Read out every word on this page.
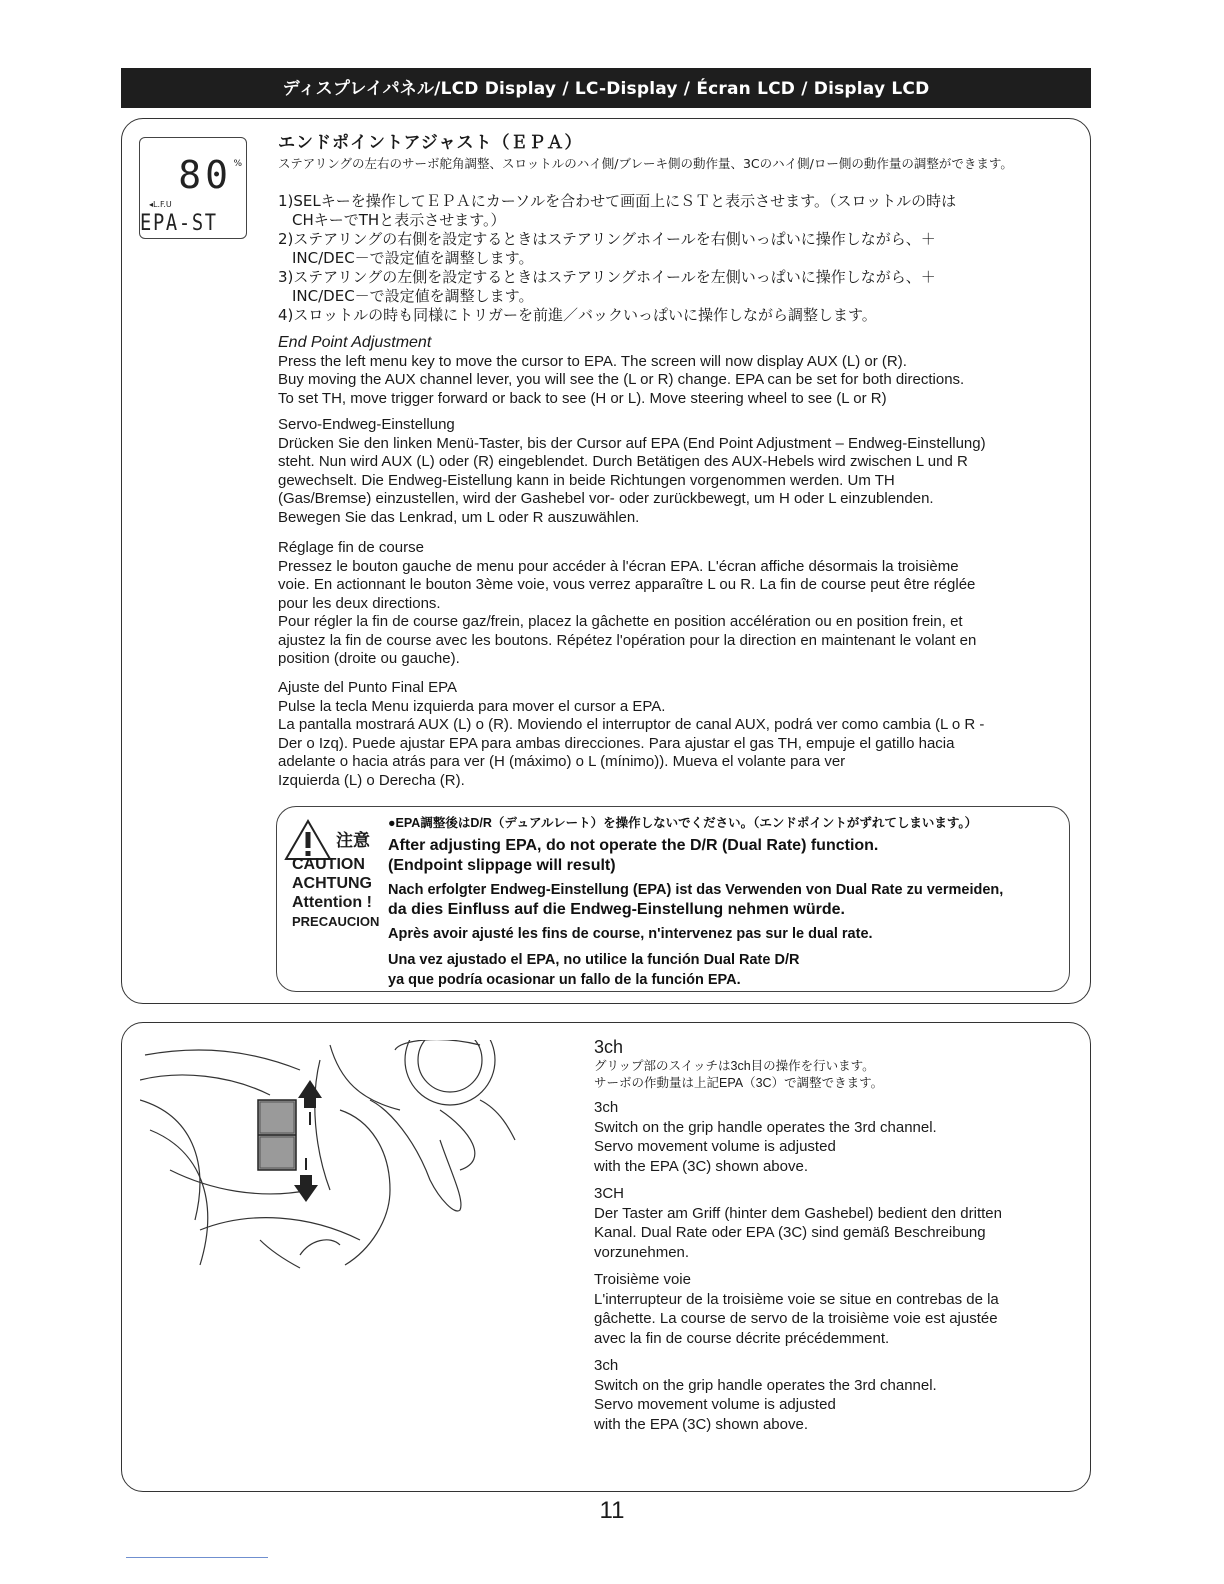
ディスプレイパネル/LCD Display / LC-Display / Écran LCD / Display LCD
80 %
◂L.F.U
EPA-ST
エンドポイントアジャスト（ＥＰＡ）
ステアリングの左右のサーボ舵角調整、スロットルのハイ側/ブレーキ側の動作量、3Cのハイ側/ロー側の動作量の調整ができます。

1)SELキーを操作してＥＰＡにカーソルを合わせて画面上にＳＴと表示させます。（スロットルの時は

CHキーでTHと表示させます。）

2)ステアリングの右側を設定するときはステアリングホイールを右側いっぱいに操作しながら、＋

INC/DEC－で設定値を調整します。

3)ステアリングの左側を設定するときはステアリングホイールを左側いっぱいに操作しながら、＋

INC/DEC－で設定値を調整します。

4)スロットルの時も同様にトリガーを前進／バックいっぱいに操作しながら調整します。

End Point Adjustment

Press the left menu key to move the cursor to EPA. The screen will now display AUX (L) or (R).

Buy moving the AUX channel lever, you will see the (L or R) change. EPA can be set for both directions.

To set TH, move trigger forward or back to see (H or L). Move steering wheel to see (L or R)

Servo-Endweg-Einstellung

Drücken Sie den linken Menü-Taster, bis der Cursor auf EPA (End Point Adjustment – Endweg-Einstellung)

steht. Nun wird AUX (L) oder (R) eingeblendet. Durch Betätigen des AUX-Hebels wird zwischen L und R

gewechselt. Die Endweg-Eistellung kann in beide Richtungen vorgenommen werden. Um TH

(Gas/Bremse) einzustellen, wird der Gashebel vor- oder zurückbewegt, um H oder L einzublenden.

Bewegen Sie das Lenkrad, um L oder R auszuwählen.

Réglage fin de course

Pressez le bouton gauche de menu pour accéder à l'écran EPA. L'écran affiche désormais la troisième

voie. En actionnant le bouton 3ème voie, vous verrez apparaître L ou R. La fin de course peut être réglée

pour les deux directions.

Pour régler la fin de course gaz/frein, placez la gâchette en position accélération ou en position frein, et

ajustez la fin de course avec les boutons. Répétez l'opération pour la direction en maintenant le volant en

position (droite ou gauche).

Ajuste del Punto Final EPA

Pulse la tecla Menu izquierda para mover el cursor a EPA.

La pantalla mostrará AUX (L) o (R). Moviendo el interruptor de canal AUX, podrá ver como cambia (L o R -

Der o Izq). Puede ajustar EPA para ambas direcciones. Para ajustar el gas TH, empuje el gatillo hacia

adelante o hacia atrás para ver (H (máximo) o L (mínimo)). Mueva el volante para ver

Izquierda (L) o Derecha (R).

注意
CAUTION
ACHTUNG
Attention !
PRECAUCION

●EPA調整後はD/R（デュアルレート）を操作しないでください。（エンドポイントがずれてしまいます。）

After adjusting EPA, do not operate the D/R (Dual Rate) function.

(Endpoint slippage will result)

Nach erfolgter Endweg-Einstellung (EPA) ist das Verwenden von Dual Rate zu vermeiden,

da dies Einfluss auf die Endweg-Einstellung nehmen würde.

Après avoir ajusté les fins de course, n'intervenez pas sur le dual rate.

Una vez ajustado el EPA, no utilice la función Dual Rate D/R

ya que podría ocasionar un fallo de la función EPA.

3ch

グリップ部のスイッチは3ch目の操作を行います。

サーボの作動量は上記EPA（3C）で調整できます。

3ch

Switch on the grip handle operates the 3rd channel.

Servo movement volume is adjusted

with the EPA (3C) shown above.

3CH

Der Taster am Griff (hinter dem Gashebel) bedient den dritten

Kanal. Dual Rate oder EPA (3C) sind gemäß Beschreibung

vorzunehmen.

Troisième voie

L'interrupteur de la troisième voie se situe en contrebas de la

gâchette. La course de servo de la troisième voie est ajustée

avec la fin de course décrite précédemment.

3ch

Switch on the grip handle operates the 3rd channel.

Servo movement volume is adjusted

with the EPA (3C) shown above.

11
